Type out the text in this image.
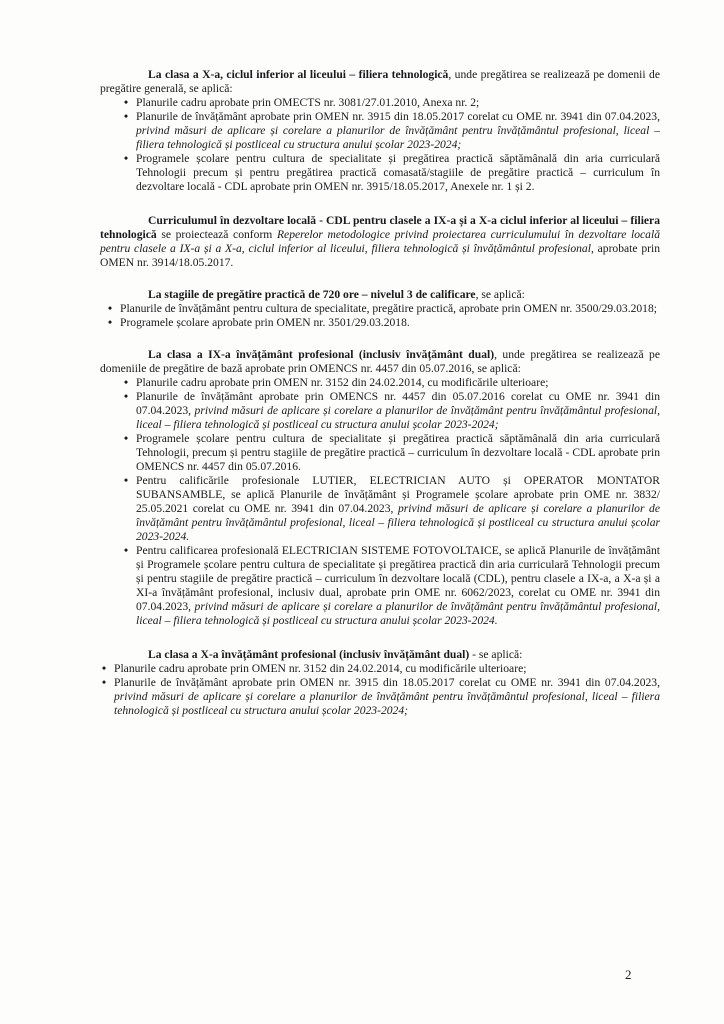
La clasa a X-a, ciclul inferior al liceului – filiera tehnologică, unde pregătirea se realizează pe domenii de pregătire generală, se aplică:

• Planurile cadru aprobate prin OMECTS nr. 3081/27.01.2010, Anexa nr. 2;
• Planurile de învățământ aprobate prin OMEN nr. 3915 din 18.05.2017 corelat cu OME nr. 3941 din 07.04.2023, privind măsuri de aplicare și corelare a planurilor de învățământ pentru învățământul profesional, liceal – filiera tehnologică și postliceal cu structura anului școlar 2023-2024;
• Programele școlare pentru cultura de specialitate și pregătirea practică săptămânală din aria curriculară Tehnologii precum și pentru pregătirea practică comasată/stagiile de pregătire practică – curriculum în dezvoltare locală - CDL aprobate prin OMEN nr. 3915/18.05.2017, Anexele nr. 1 și 2.

Curriculumul în dezvoltare locală - CDL pentru clasele a IX-a și a X-a ciclul inferior al liceului – filiera tehnologică se proiectează conform Reperelor metodologice privind proiectarea curriculumului în dezvoltare locală pentru clasele a IX-a și a X-a, ciclul inferior al liceului, filiera tehnologică și învățământul profesional, aprobate prin OMEN nr. 3914/18.05.2017.

La stagiile de pregătire practică de 720 ore – nivelul 3 de calificare, se aplică:

• Planurile de învățământ pentru cultura de specialitate, pregătire practică, aprobate prin OMEN nr. 3500/29.03.2018;
• Programele școlare aprobate prin OMEN nr. 3501/29.03.2018.

La clasa a IX-a învățământ profesional (inclusiv învățământ dual), unde pregătirea se realizează pe domeniile de pregătire de bază aprobate prin OMENCS nr. 4457 din 05.07.2016, se aplică:

• Planurile cadru aprobate prin OMEN nr. 3152 din 24.02.2014, cu modificările ulterioare;
• Planurile de învățământ aprobate prin OMENCS nr. 4457 din 05.07.2016 corelat cu OME nr. 3941 din 07.04.2023, privind măsuri de aplicare și corelare a planurilor de învățământ pentru învățământul profesional, liceal – filiera tehnologică și postliceal cu structura anului școlar 2023-2024;
• Programele școlare pentru cultura de specialitate și pregătirea practică săptămânală din aria curriculară Tehnologii, precum și pentru stagiile de pregătire practică – curriculum în dezvoltare locală - CDL aprobate prin OMENCS nr. 4457 din 05.07.2016.
• Pentru calificările profesionale LUTIER, ELECTRICIAN AUTO și OPERATOR MONTATOR SUBANSAMBLE, se aplică Planurile de învățământ și Programele școlare aprobate prin OME nr. 3832/ 25.05.2021 corelat cu OME nr. 3941 din 07.04.2023, privind măsuri de aplicare și corelare a planurilor de învățământ pentru învățământul profesional, liceal – filiera tehnologică și postliceal cu structura anului școlar 2023-2024.
• Pentru calificarea profesională ELECTRICIAN SISTEME FOTOVOLTAICE, se aplică Planurile de învățământ și Programele școlare pentru cultura de specialitate și pregătirea practică din aria curriculară Tehnologii precum și pentru stagiile de pregătire practică – curriculum în dezvoltare locală (CDL), pentru clasele a IX-a, a X-a și a XI-a învățământ profesional, inclusiv dual, aprobate prin OME nr. 6062/2023, corelat cu OME nr. 3941 din 07.04.2023, privind măsuri de aplicare și corelare a planurilor de învățământ pentru învățământul profesional, liceal – filiera tehnologică și postliceal cu structura anului școlar 2023-2024.

La clasa a X-a învățământ profesional (inclusiv învățământ dual) - se aplică:

• Planurile cadru aprobate prin OMEN nr. 3152 din 24.02.2014, cu modificările ulterioare;
• Planurile de învățământ aprobate prin OMEN nr. 3915 din 18.05.2017 corelat cu OME nr. 3941 din 07.04.2023, privind măsuri de aplicare și corelare a planurilor de învățământ pentru învățământul profesional, liceal – filiera tehnologică și postliceal cu structura anului școlar 2023-2024;
2
